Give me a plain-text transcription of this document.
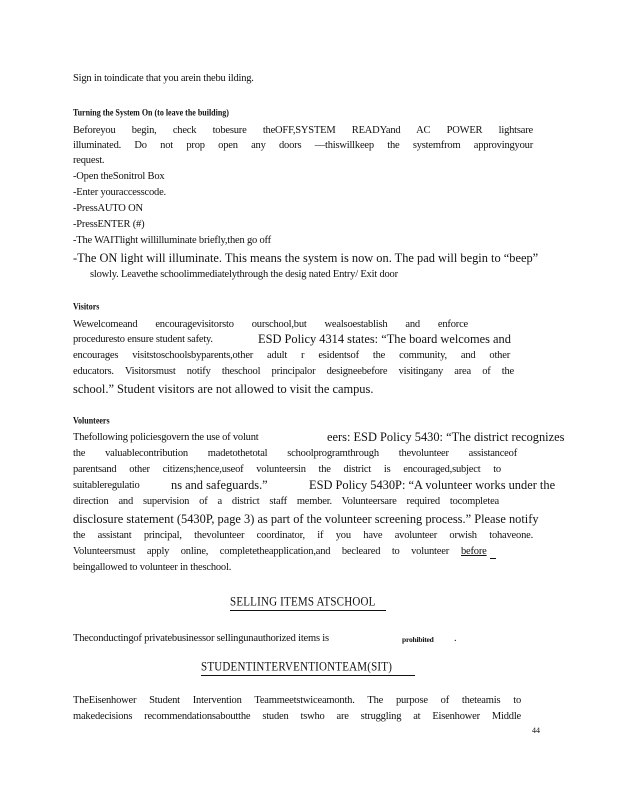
Sign in toindicate that you arein thebu ilding.
Turning the System On (to leave the building)
Beforeyou begin, check tobesure theOFF,SYSTEM READYand AC POWER lightsare
illuminated. Do not prop open any doors —thiswillkeep the systemfrom approvingyour
request.
-Open theSonitrol Box
-Enter youraccesscode.
-PressAUTO ON
-PressENTER (#)
-The WAITlight willilluminate briefly,then go off
-The ON light will illuminate. This means the system is now on. The pad will begin to “beep”
slowly. Leavethe schoolimmediatelythrough the desig nated Entry/ Exit door
Visitors
Wewelcomeand encouragevisitorsto ourschool,but wealsoestablish and enforce
proceduresto ensure student safety.	ESD Policy 4314 states: “The board welcomes and
encourages visitstoschoolsbyparents,other adult r esidentsof the community, and other
educators. Visitorsmust notify theschool principalor designeebefore visitingany area of the
school.” Student visitors are not allowed to visit the campus.
Volunteers
Thefollowing policiesgovern the use of volunt	eers: ESD Policy 5430: “The district recognizes
the valuablecontribution madetothetotal schoolprogramthrough thevolunteer assistanceof
parentsand other citizens;hence,useof volunteersin the district is encouraged,subject to
suitableregulatio	ns and safeguards.”	ESD Policy 5430P: “A volunteer works under the
direction and supervision of a district staff member. Volunteersare required tocompletea
disclosure statement (5430P, page 3) as part of the volunteer screening process.” Please notify
the assistant principal, thevolunteer coordinator, if you have avolunteer orwish tohaveone.
Volunteersmust apply online, completetheapplication,and becleared to volunteer before
beingallowed to volunteer in theschool.
SELLING ITEMS ATSCHOOL
Theconductingof privatebusinessor sellingunauthorized items is	prohibited	.
STUDENTINTERVENTIONTEAM(SIT)
TheEisenhower Student Intervention Teammeetstwiceamonth. The purpose of theteamis to
makedecisions recommendationsaboutthe studen tswho are struggling at Eisenhower Middle
44
